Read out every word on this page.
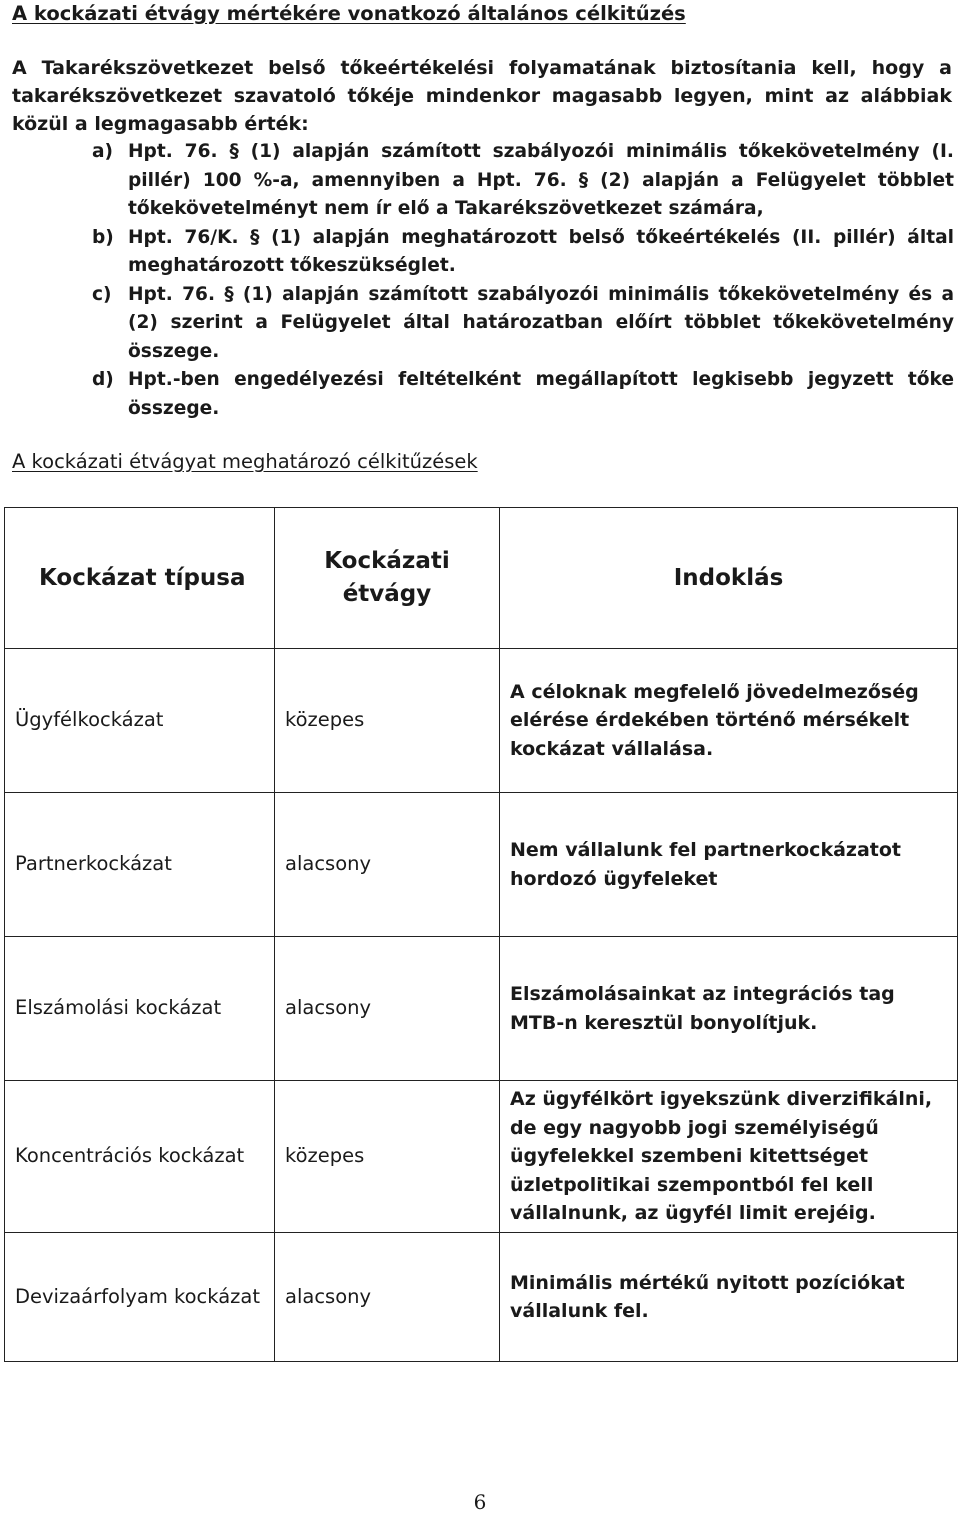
A kockázati étvágy mértékére vonatkozó általános célkitűzés

A Takarékszövetkezet belső tőkeértékelési folyamatának biztosítania kell, hogy a takarékszövetkezet szavatoló tőkéje mindenkor magasabb legyen, mint az alábbiak közül a legmagasabb érték:

a) Hpt. 76. § (1) alapján számított szabályozói minimális tőkekövetelmény (I. pillér) 100 %-a, amennyiben a Hpt. 76. § (2) alapján a Felügyelet többlet tőkekövetelményt nem ír elő a Takarékszövetkezet számára,
b) Hpt. 76/K. § (1) alapján meghatározott belső tőkeértékelés (II. pillér) által meghatározott tőkeszükséglet.
c) Hpt. 76. § (1) alapján számított szabályozói minimális tőkekövetelmény és a (2) szerint a Felügyelet által határozatban előírt többlet tőkekövetelmény összege.
d) Hpt.-ben engedélyezési feltételként megállapított legkisebb jegyzett tőke összege.
A kockázati étvágyat meghatározó célkitűzések
Kockázat típusa	Kockázati étvágy	Indoklás
Ügyfélkockázat	közepes	A céloknak megfelelő jövedelmezőség elérése érdekében történő mérsékelt kockázat vállalása.
Partnerkockázat	alacsony	Nem vállalunk fel partnerkockázatot hordozó ügyfeleket
Elszámolási kockázat	alacsony	Elszámolásainkat az integrációs tag MTB-n keresztül bonyolítjuk.
Koncentrációs kockázat	közepes	Az ügyfélkört igyekszünk diverzifikálni, de egy nagyobb jogi személyiségű ügyfelekkel szembeni kitettséget üzletpolitikai szempontból fel kell vállalnunk, az ügyfél limit erejéig.
Devizaárfolyam kockázat	alacsony	Minimális mértékű nyitott pozíciókat vállalunk fel.
6
